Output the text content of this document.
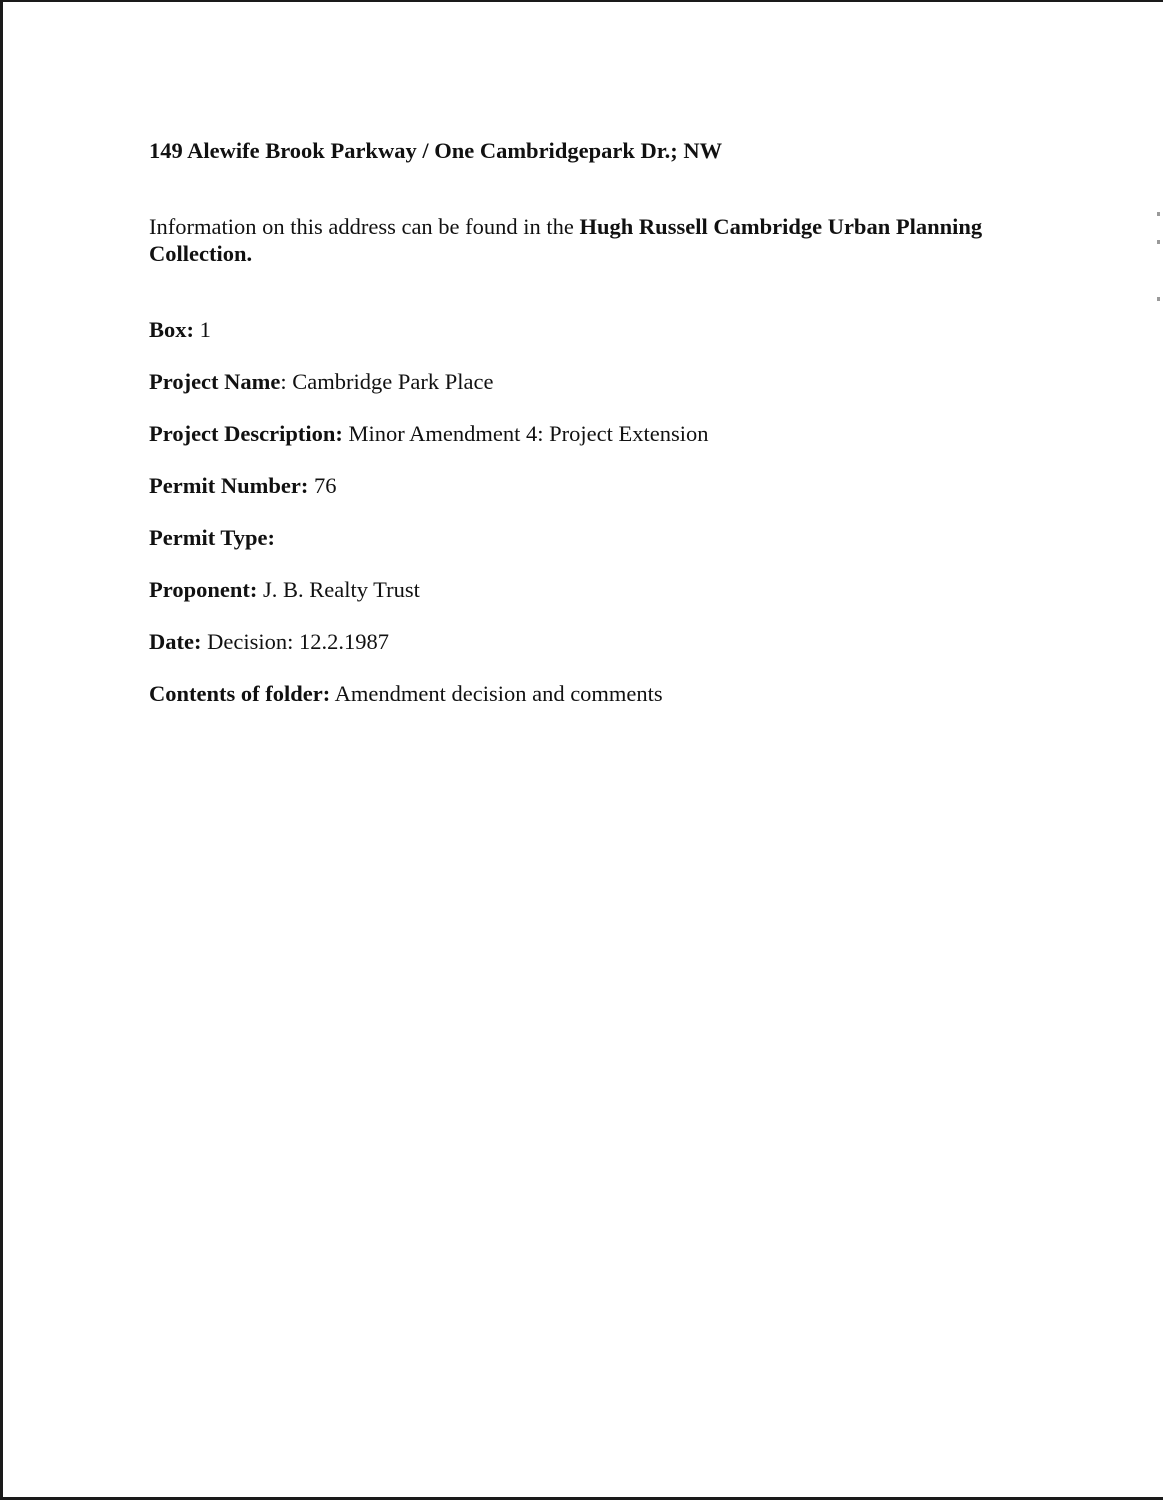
149 Alewife Brook Parkway / One Cambridgepark Dr.; NW

Information on this address can be found in the Hugh Russell Cambridge Urban Planning Collection.

Box: 1

Project Name: Cambridge Park Place

Project Description: Minor Amendment 4: Project Extension

Permit Number: 76

Permit Type:

Proponent: J. B. Realty Trust

Date: Decision: 12.2.1987

Contents of folder: Amendment decision and comments
